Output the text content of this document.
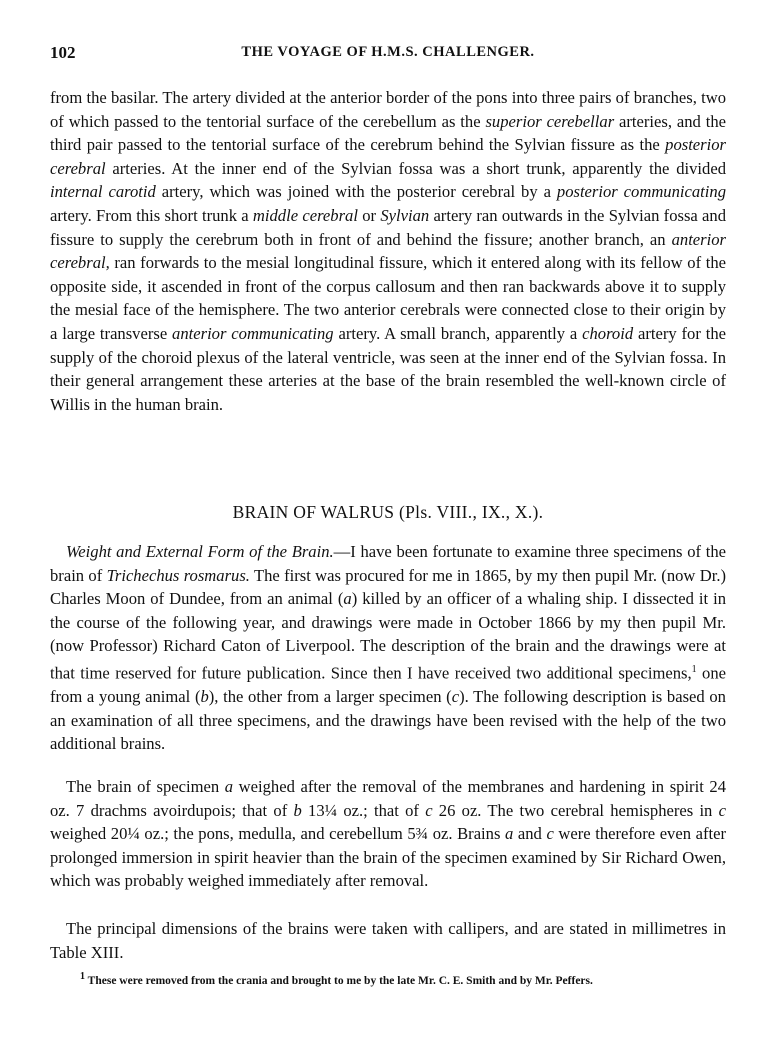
102	THE VOYAGE OF H.M.S. CHALLENGER.

from the basilar. The artery divided at the anterior border of the pons into three pairs of branches, two of which passed to the tentorial surface of the cerebellum as the superior cerebellar arteries, and the third pair passed to the tentorial surface of the cerebrum behind the Sylvian fissure as the posterior cerebral arteries. At the inner end of the Sylvian fossa was a short trunk, apparently the divided internal carotid artery, which was joined with the posterior cerebral by a posterior communicating artery. From this short trunk a middle cerebral or Sylvian artery ran outwards in the Sylvian fossa and fissure to supply the cerebrum both in front of and behind the fissure; another branch, an anterior cerebral, ran forwards to the mesial longitudinal fissure, which it entered along with its fellow of the opposite side, it ascended in front of the corpus callosum and then ran backwards above it to supply the mesial face of the hemisphere. The two anterior cerebrals were connected close to their origin by a large transverse anterior communicating artery. A small branch, apparently a choroid artery for the supply of the choroid plexus of the lateral ventricle, was seen at the inner end of the Sylvian fossa. In their general arrangement these arteries at the base of the brain resembled the well-known circle of Willis in the human brain.

BRAIN OF WALRUS (Pls. VIII., IX., X.).

Weight and External Form of the Brain.—I have been fortunate to examine three specimens of the brain of Trichechus rosmarus. The first was procured for me in 1865, by my then pupil Mr. (now Dr.) Charles Moon of Dundee, from an animal (a) killed by an officer of a whaling ship. I dissected it in the course of the following year, and drawings were made in October 1866 by my then pupil Mr. (now Professor) Richard Caton of Liverpool. The description of the brain and the drawings were at that time reserved for future publication. Since then I have received two additional specimens,$^1$ one from a young animal (b), the other from a larger specimen (c). The following description is based on an examination of all three specimens, and the drawings have been revised with the help of the two additional brains.

The brain of specimen a weighed after the removal of the membranes and hardening in spirit 24 oz. 7 drachms avoirdupois; that of b 13¼ oz.; that of c 26 oz. The two cerebral hemispheres in c weighed 20¼ oz.; the pons, medulla, and cerebellum 5¾ oz. Brains a and c were therefore even after prolonged immersion in spirit heavier than the brain of the specimen examined by Sir Richard Owen, which was probably weighed immediately after removal.

The principal dimensions of the brains were taken with callipers, and are stated in millimetres in Table XIII.

$^1$ These were removed from the crania and brought to me by the late Mr. C. E. Smith and by Mr. Peffers.
